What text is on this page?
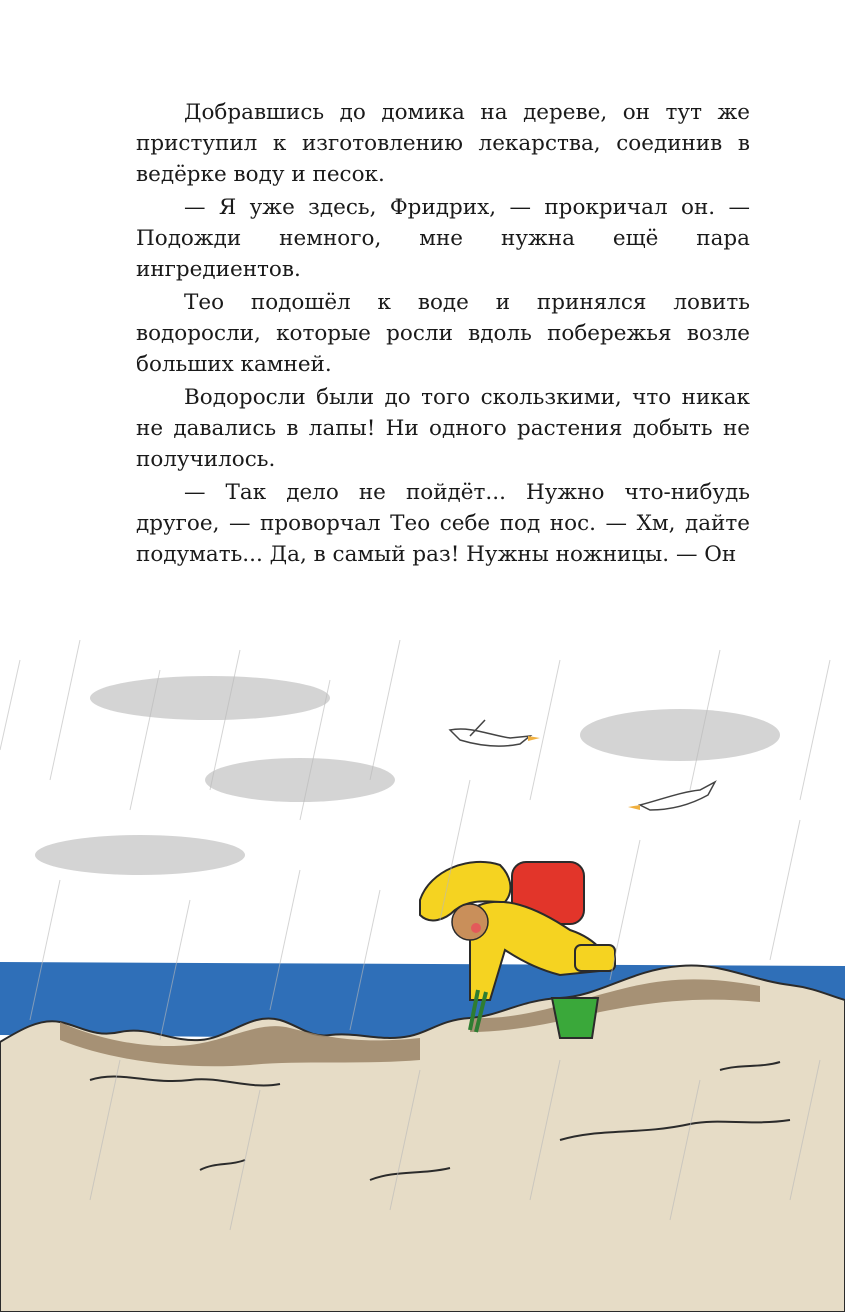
Добравшись до домика на дереве, он тут же приступил к изготовлению лекарства, соединив в ведёрке воду и песок.

— Я уже здесь, Фридрих, — прокричал он. — Подожди немного, мне нужна ещё пара ингредиентов.

Тео подошёл к воде и принялся ловить водоросли, которые росли вдоль побережья возле больших камней.

Водоросли были до того скользкими, что никак не давались в лапы! Ни одного растения добыть не получилось.

— Так дело не пойдёт... Нужно что-нибудь другое, — проворчал Тео себе под нос. — Хм, дайте подумать... Да, в самый раз! Нужны ножницы. — Он
